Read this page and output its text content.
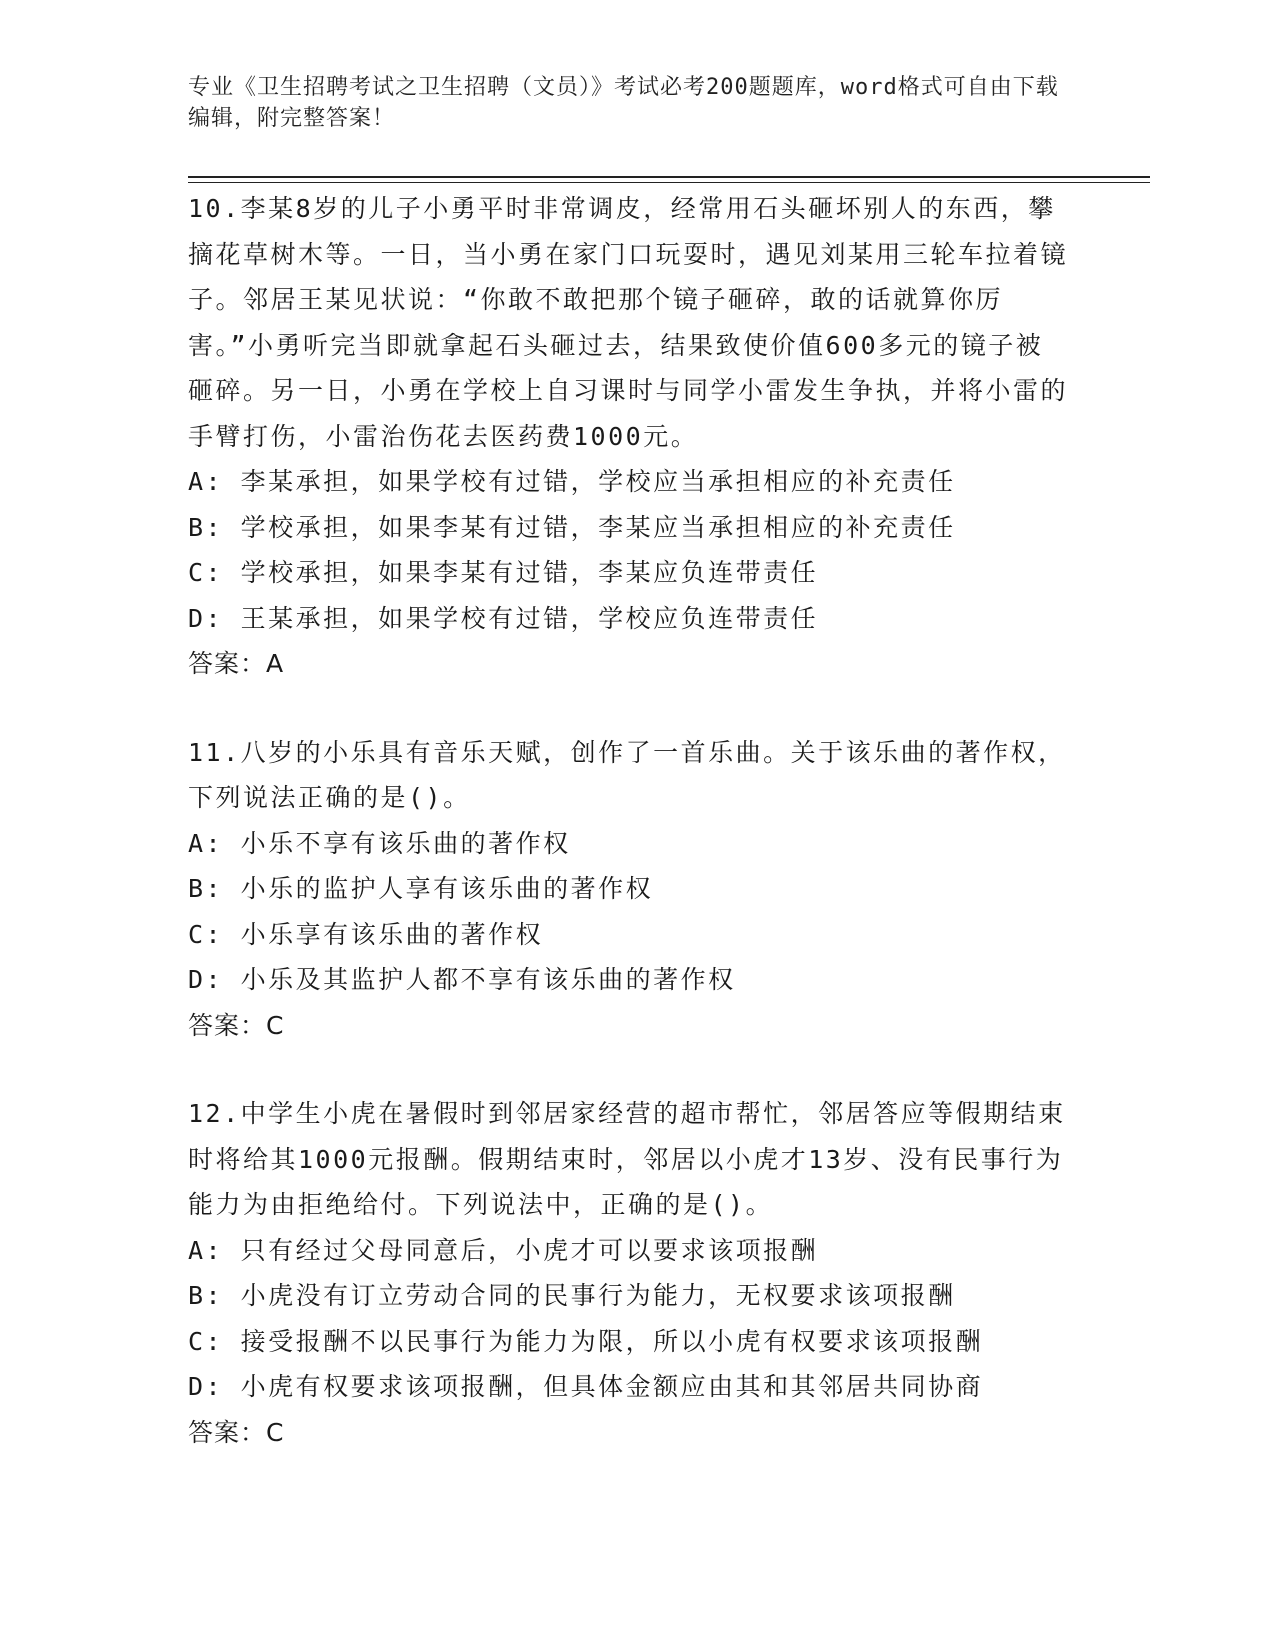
专业《卫生招聘考试之卫生招聘（文员）》考试必考200题题库，word格式可自由下载编辑，附完整答案！
10.李某8岁的儿子小勇平时非常调皮，经常用石头砸坏别人的东西，攀摘花草树木等。一日，当小勇在家门口玩耍时，遇见刘某用三轮车拉着镜子。邻居王某见状说：“你敢不敢把那个镜子砸碎，敢的话就算你厉害。”小勇听完当即就拿起石头砸过去，结果致使价值600多元的镜子被砸碎。另一日，小勇在学校上自习课时与同学小雷发生争执，并将小雷的手臂打伤，小雷治伤花去医药费1000元。
A: 李某承担，如果学校有过错，学校应当承担相应的补充责任
B: 学校承担，如果李某有过错，李某应当承担相应的补充责任
C: 学校承担，如果李某有过错，李某应负连带责任
D: 王某承担，如果学校有过错，学校应负连带责任
答案：A
11.八岁的小乐具有音乐天赋，创作了一首乐曲。关于该乐曲的著作权，下列说法正确的是()。
A: 小乐不享有该乐曲的著作权
B: 小乐的监护人享有该乐曲的著作权
C: 小乐享有该乐曲的著作权
D: 小乐及其监护人都不享有该乐曲的著作权
答案：C
12.中学生小虎在暑假时到邻居家经营的超市帮忙，邻居答应等假期结束时将给其1000元报酬。假期结束时，邻居以小虎才13岁、没有民事行为能力为由拒绝给付。下列说法中，正确的是()。
A: 只有经过父母同意后，小虎才可以要求该项报酬
B: 小虎没有订立劳动合同的民事行为能力，无权要求该项报酬
C: 接受报酬不以民事行为能力为限，所以小虎有权要求该项报酬
D: 小虎有权要求该项报酬，但具体金额应由其和其邻居共同协商
答案：C
